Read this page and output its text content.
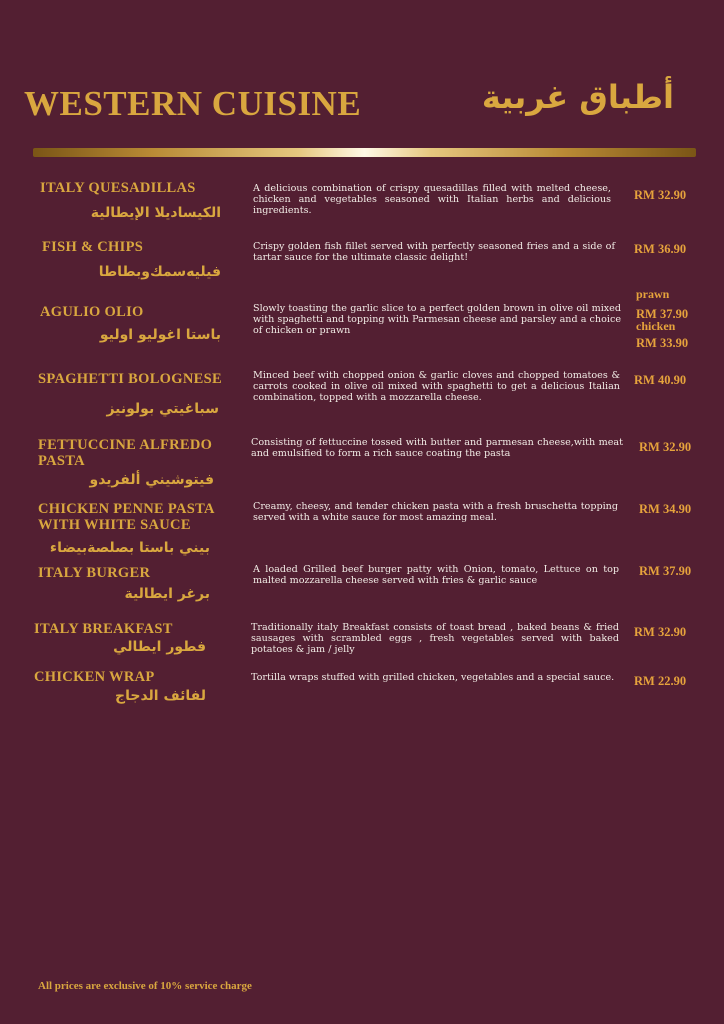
WESTERN CUISINE	أطباق غربية
ITALY QUESADILLAS
الكيساديلا الإيطالية
A delicious combination of crispy quesadillas filled with melted cheese, chicken and vegetables seasoned with Italian herbs and delicious ingredients.
RM 32.90
FISH & CHIPS
فيليه‌سمك‌وبطاطا
Crispy golden fish fillet served with perfectly seasoned fries and a side of tartar sauce for the ultimate classic delight!
RM 36.90
AGULIO OLIO
باستا اغوليو اوليو
Slowly toasting the garlic slice to a perfect golden brown in olive oil mixed with spaghetti and topping with Parmesan cheese and parsley and a choice of chicken or prawn
prawn
RM 37.90
chicken
RM 33.90
SPAGHETTI BOLOGNESE
سباغيتي بولونيز
Minced beef with chopped onion & garlic cloves and chopped tomatoes & carrots cooked in olive oil mixed with spaghetti to get a delicious Italian combination, topped with a mozzarella cheese.
RM 40.90
FETTUCCINE ALFREDO PASTA
فيتوشيني ألفريدو
Consisting of fettuccine tossed with butter and parmesan cheese,with meat and emulsified to form a rich sauce coating the pasta	RM 32.90
CHICKEN PENNE PASTA WITH WHITE SAUCE
بيني باستا بصلصة‌بيضاء
Creamy, cheesy, and tender chicken pasta with a fresh bruschetta topping served with a white sauce for most amazing meal.
RM 34.90
ITALY BURGER
برغر ايطالية
A loaded Grilled beef burger patty with Onion, tomato, Lettuce on top malted mozzarella cheese served with fries & garlic sauce
RM 37.90
ITALY BREAKFAST
فطور ايطالي
Traditionally italy Breakfast consists of toast bread , baked beans & fried sausages with scrambled eggs , fresh vegetables served with baked potatoes & jam / jelly
RM 32.90
CHICKEN WRAP
لفائف الدجاج
Tortilla wraps stuffed with grilled chicken, vegetables and a special sauce.	RM 22.90
All prices are exclusive of 10% service charge
